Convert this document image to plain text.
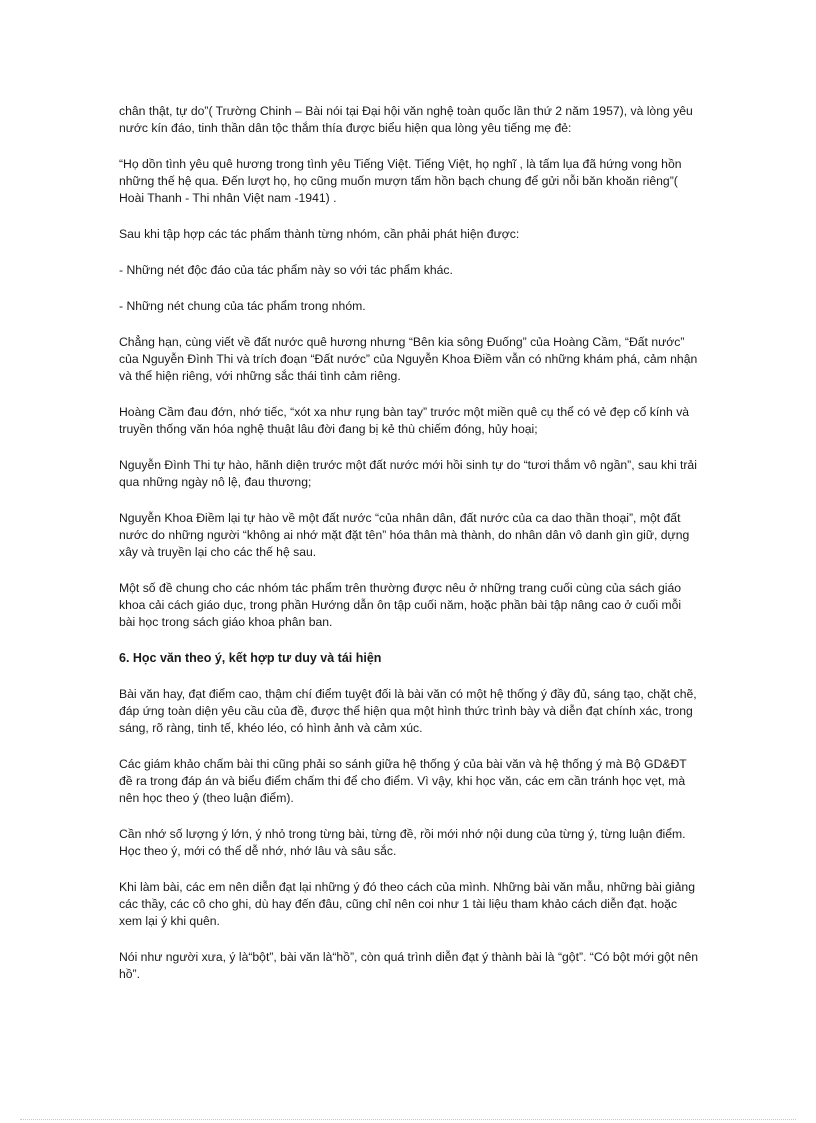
chân thật, tự do”( Trường Chinh – Bài nói tại Đại hội văn nghệ toàn quốc lần thứ 2 năm 1957), và lòng yêu nước kín đáo, tinh thần dân tộc thắm thía được biểu hiện qua lòng yêu tiếng mẹ đẻ:

“Họ dồn tình yêu quê hương trong tình yêu Tiếng Việt. Tiếng Việt, họ nghĩ , là tấm lụa đã hứng vong hồn những thế hệ qua. Đến lượt họ, họ cũng muốn mượn tấm hồn bạch chung để gửi nỗi băn khoăn riêng”( Hoài Thanh - Thi nhân Việt nam -1941) .

Sau khi tập hợp các tác phẩm thành từng nhóm, cần phải phát hiện được:

- Những nét độc đáo của tác phẩm này so với tác phẩm khác.

- Những nét chung của tác phẩm trong nhóm.

Chẳng hạn, cùng viết về đất nước quê hương nhưng “Bên kia sông Đuống” của Hoàng Cầm, “Đất nước” của Nguyễn Đình Thi và trích đoạn “Đất nước” của Nguyễn Khoa Điềm vẫn có những khám phá, cảm nhận và thể hiện riêng, với những sắc thái tình cảm riêng.

Hoàng Cầm đau đớn, nhớ tiếc, “xót xa như rụng bàn tay” trước một miền quê cụ thể có vẻ đẹp cổ kính và truyền thống văn hóa nghệ thuật lâu đời đang bị kẻ thù chiếm đóng, hủy hoại;

Nguyễn Đình Thi tự hào, hãnh diện trước một đất nước mới hồi sinh tự do “tươi thắm vô ngần”, sau khi trải qua những ngày nô lệ, đau thương;

Nguyễn Khoa Điềm lại tự hào về một đất nước “của nhân dân, đất nước của ca dao thần thoại”, một đất nước do những người “không ai nhớ mặt đặt tên” hóa thân mà thành, do nhân dân vô danh gìn giữ, dựng xây và truyền lại cho các thế hệ sau.

Một số đề chung cho các nhóm tác phẩm trên thường được nêu ở những trang cuối cùng của sách giáo khoa cải cách giáo dục, trong phần Hướng dẫn ôn tập cuối năm, hoặc phần bài tập nâng cao ở cuối mỗi bài học trong sách giáo khoa phân ban.

6. Học văn theo ý, kết hợp tư duy và tái hiện

Bài văn hay, đạt điểm cao, thậm chí điểm tuyệt đối là bài văn có một hệ thống ý đầy đủ, sáng tạo, chặt chẽ, đáp ứng toàn diện yêu cầu của đề, được thể hiện qua một hình thức trình bày và diễn đạt chính xác, trong sáng, rõ ràng, tinh tế, khéo léo, có hình ảnh và cảm xúc.

Các giám khảo chấm bài thi cũng phải so sánh giữa hệ thống ý của bài văn và hệ thống ý mà Bộ GD&ĐT đề ra trong đáp án và biểu điểm chấm thi để cho điểm. Vì vậy, khi học văn, các em cần tránh học vẹt, mà nên học theo ý (theo luận điểm).

Cần nhớ số lượng ý lớn, ý nhỏ trong từng bài, từng đề, rồi mới nhớ nội dung của từng ý, từng luận điểm. Học theo ý, mới có thể dễ nhớ, nhớ lâu và sâu sắc.

Khi làm bài, các em nên diễn đạt lại những ý đó theo cách của mình. Những bài văn mẫu, những bài giảng các thầy, các cô cho ghi, dù hay đến đâu, cũng chỉ nên coi như 1 tài liệu tham khảo cách diễn đạt. hoặc xem lại ý khi quên.

Nói như người xưa, ý là“bột”, bài văn là“hồ”, còn quá trình diễn đạt ý thành bài là “gột”. “Có bột mới gột nên hồ”.
